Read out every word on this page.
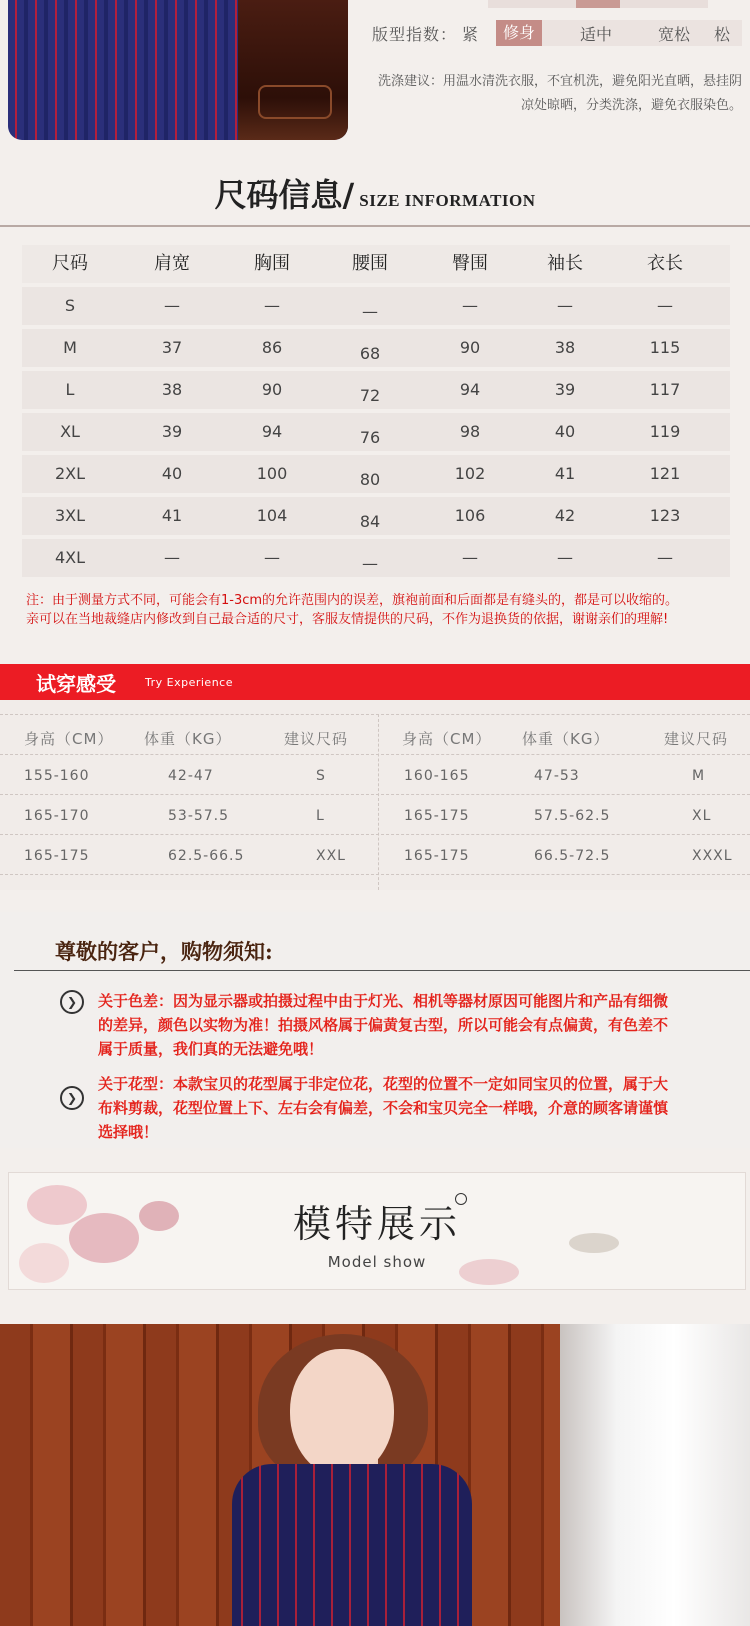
版型指数： 紧	修身	适中	宽松 松
洗涤建议：用温水清洗衣服，不宜机洗，避免阳光直晒，悬挂阴凉处晾晒，分类洗涤，避免衣服染色。
尺码信息/ SIZE INFORMATION
尺码	肩宽	胸围	腰围	臀围	袖长	衣长
S	—	—	—	—	—	—
M	37	86	68	90	38	115
L	38	90	72	94	39	117
XL	39	94	76	98	40	119
2XL	40	100	80	102	41	121
3XL	41	104	84	106	42	123
4XL	—	—	—	—	—	—
注：由于测量方式不同，可能会有1-3cm的允许范围内的误差，旗袍前面和后面都是有缝头的，都是可以收缩的。
亲可以在当地裁缝店内修改到自己最合适的尺寸，客服友情提供的尺码，不作为退换货的依据，谢谢亲们的理解!
试穿感受	Try Experience
身高（CM） 体重（KG）	建议尺码	身高（CM） 体重（KG）	建议尺码
155-160	42-47	S	160-165	47-53	M
165-170	53-57.5	L	165-175	57.5-62.5	XL
165-175	62.5-66.5	XXL	165-175	66.5-72.5	XXXL
尊敬的客户，购物须知:
❯	关于色差：因为显示器或拍摄过程中由于灯光、相机等器材原因可能图片和产品有细微的差异，颜色以实物为准！拍摄风格属于偏黄复古型，所以可能会有点偏黄，有色差不属于质量，我们真的无法避免哦！
❯
关于花型：本款宝贝的花型属于非定位花，花型的位置不一定如同宝贝的位置，属于大布料剪裁，花型位置上下、左右会有偏差，不会和宝贝完全一样哦，介意的顾客请谨慎选择哦！
模特展示
Model show
